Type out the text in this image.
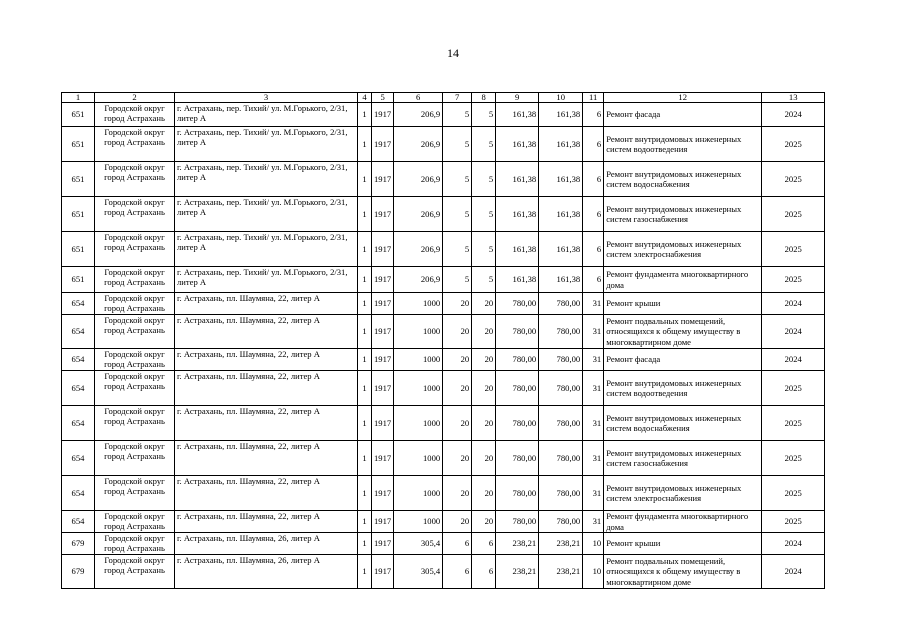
14
1	2	3	4	5	6	7	8	9	10	11	12	13
651	Городской округ город Астрахань	г. Астрахань, пер. Тихий/ ул. М.Горького, 2/31, литер А	1	1917	206,9	5	5	161,38	161,38	6	Ремонт фасада	2024
651	Городской округ город Астрахань	г. Астрахань, пер. Тихий/ ул. М.Горького, 2/31, литер А	1	1917	206,9	5	5	161,38	161,38	6	Ремонт внутридомовых инженерных систем водоотведения	2025
651	Городской округ город Астрахань	г. Астрахань, пер. Тихий/ ул. М.Горького, 2/31, литер А	1	1917	206,9	5	5	161,38	161,38	6	Ремонт внутридомовых инженерных систем водоснабжения	2025
651	Городской округ город Астрахань	г. Астрахань, пер. Тихий/ ул. М.Горького, 2/31, литер А	1	1917	206,9	5	5	161,38	161,38	6	Ремонт внутридомовых инженерных систем газоснабжения	2025
651	Городской округ город Астрахань	г. Астрахань, пер. Тихий/ ул. М.Горького, 2/31, литер А	1	1917	206,9	5	5	161,38	161,38	6	Ремонт внутридомовых инженерных систем электроснабжения	2025
651	Городской округ город Астрахань	г. Астрахань, пер. Тихий/ ул. М.Горького, 2/31, литер А	1	1917	206,9	5	5	161,38	161,38	6	Ремонт фундамента многоквартирного дома	2025
654	Городской округ город Астрахань	г. Астрахань, пл. Шаумяна, 22, литер А	1	1917	1000	20	20	780,00	780,00	31	Ремонт крыши	2024
654	Городской округ город Астрахань	г. Астрахань, пл. Шаумяна, 22, литер А	1	1917	1000	20	20	780,00	780,00	31	Ремонт подвальных помещений, относящихся к общему имуществу в многоквартирном доме	2024
654	Городской округ город Астрахань	г. Астрахань, пл. Шаумяна, 22, литер А	1	1917	1000	20	20	780,00	780,00	31	Ремонт фасада	2024
654	Городской округ город Астрахань	г. Астрахань, пл. Шаумяна, 22, литер А	1	1917	1000	20	20	780,00	780,00	31	Ремонт внутридомовых инженерных систем водоотведения	2025
654	Городской округ город Астрахань	г. Астрахань, пл. Шаумяна, 22, литер А	1	1917	1000	20	20	780,00	780,00	31	Ремонт внутридомовых инженерных систем водоснабжения	2025
654	Городской округ город Астрахань	г. Астрахань, пл. Шаумяна, 22, литер А	1	1917	1000	20	20	780,00	780,00	31	Ремонт внутридомовых инженерных систем газоснабжения	2025
654	Городской округ город Астрахань	г. Астрахань, пл. Шаумяна, 22, литер А	1	1917	1000	20	20	780,00	780,00	31	Ремонт внутридомовых инженерных систем электроснабжения	2025
654	Городской округ город Астрахань	г. Астрахань, пл. Шаумяна, 22, литер А	1	1917	1000	20	20	780,00	780,00	31	Ремонт фундамента многоквартирного дома	2025
679	Городской округ город Астрахань	г. Астрахань, пл. Шаумяна, 26, литер А	1	1917	305,4	6	6	238,21	238,21	10	Ремонт крыши	2024
679	Городской округ город Астрахань	г. Астрахань, пл. Шаумяна, 26, литер А	1	1917	305,4	6	6	238,21	238,21	10	Ремонт подвальных помещений, относящихся к общему имуществу в многоквартирном доме	2024
